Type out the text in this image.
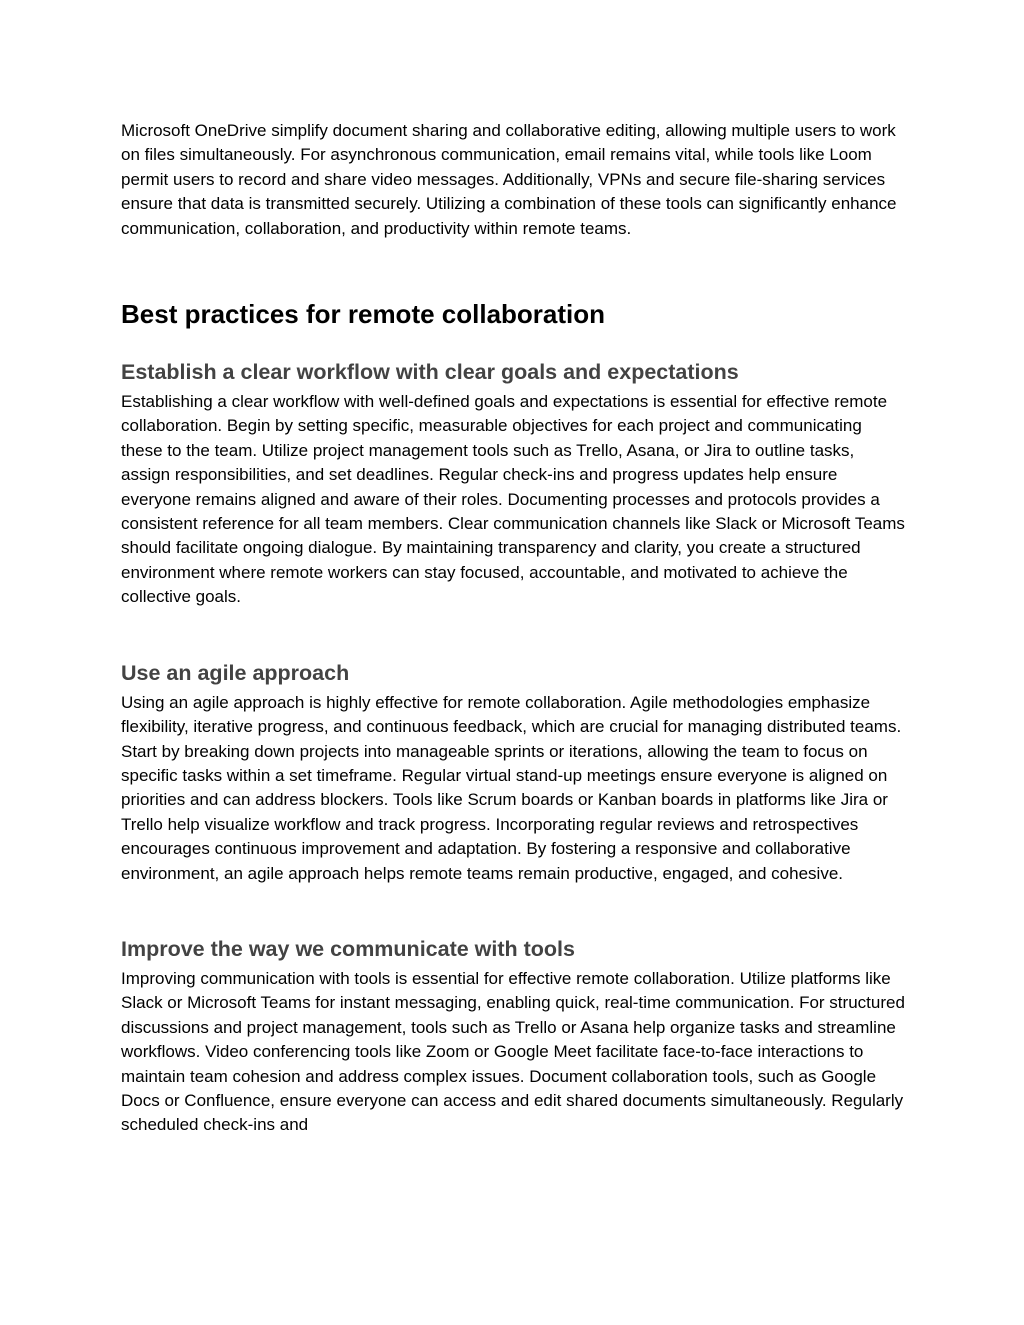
Microsoft OneDrive simplify document sharing and collaborative editing, allowing multiple users to work on files simultaneously. For asynchronous communication, email remains vital, while tools like Loom permit users to record and share video messages. Additionally, VPNs and secure file-sharing services ensure that data is transmitted securely. Utilizing a combination of these tools can significantly enhance communication, collaboration, and productivity within remote teams.

Best practices for remote collaboration
Establish a clear workflow with clear goals and expectations

Establishing a clear workflow with well-defined goals and expectations is essential for effective remote collaboration. Begin by setting specific, measurable objectives for each project and communicating these to the team. Utilize project management tools such as Trello, Asana, or Jira to outline tasks, assign responsibilities, and set deadlines. Regular check-ins and progress updates help ensure everyone remains aligned and aware of their roles. Documenting processes and protocols provides a consistent reference for all team members. Clear communication channels like Slack or Microsoft Teams should facilitate ongoing dialogue. By maintaining transparency and clarity, you create a structured environment where remote workers can stay focused, accountable, and motivated to achieve the collective goals.

Use an agile approach

Using an agile approach is highly effective for remote collaboration. Agile methodologies emphasize flexibility, iterative progress, and continuous feedback, which are crucial for managing distributed teams. Start by breaking down projects into manageable sprints or iterations, allowing the team to focus on specific tasks within a set timeframe. Regular virtual stand-up meetings ensure everyone is aligned on priorities and can address blockers. Tools like Scrum boards or Kanban boards in platforms like Jira or Trello help visualize workflow and track progress. Incorporating regular reviews and retrospectives encourages continuous improvement and adaptation. By fostering a responsive and collaborative environment, an agile approach helps remote teams remain productive, engaged, and cohesive.

Improve the way we communicate with tools

Improving communication with tools is essential for effective remote collaboration. Utilize platforms like Slack or Microsoft Teams for instant messaging, enabling quick, real-time communication. For structured discussions and project management, tools such as Trello or Asana help organize tasks and streamline workflows. Video conferencing tools like Zoom or Google Meet facilitate face-to-face interactions to maintain team cohesion and address complex issues. Document collaboration tools, such as Google Docs or Confluence, ensure everyone can access and edit shared documents simultaneously. Regularly scheduled check-ins and
